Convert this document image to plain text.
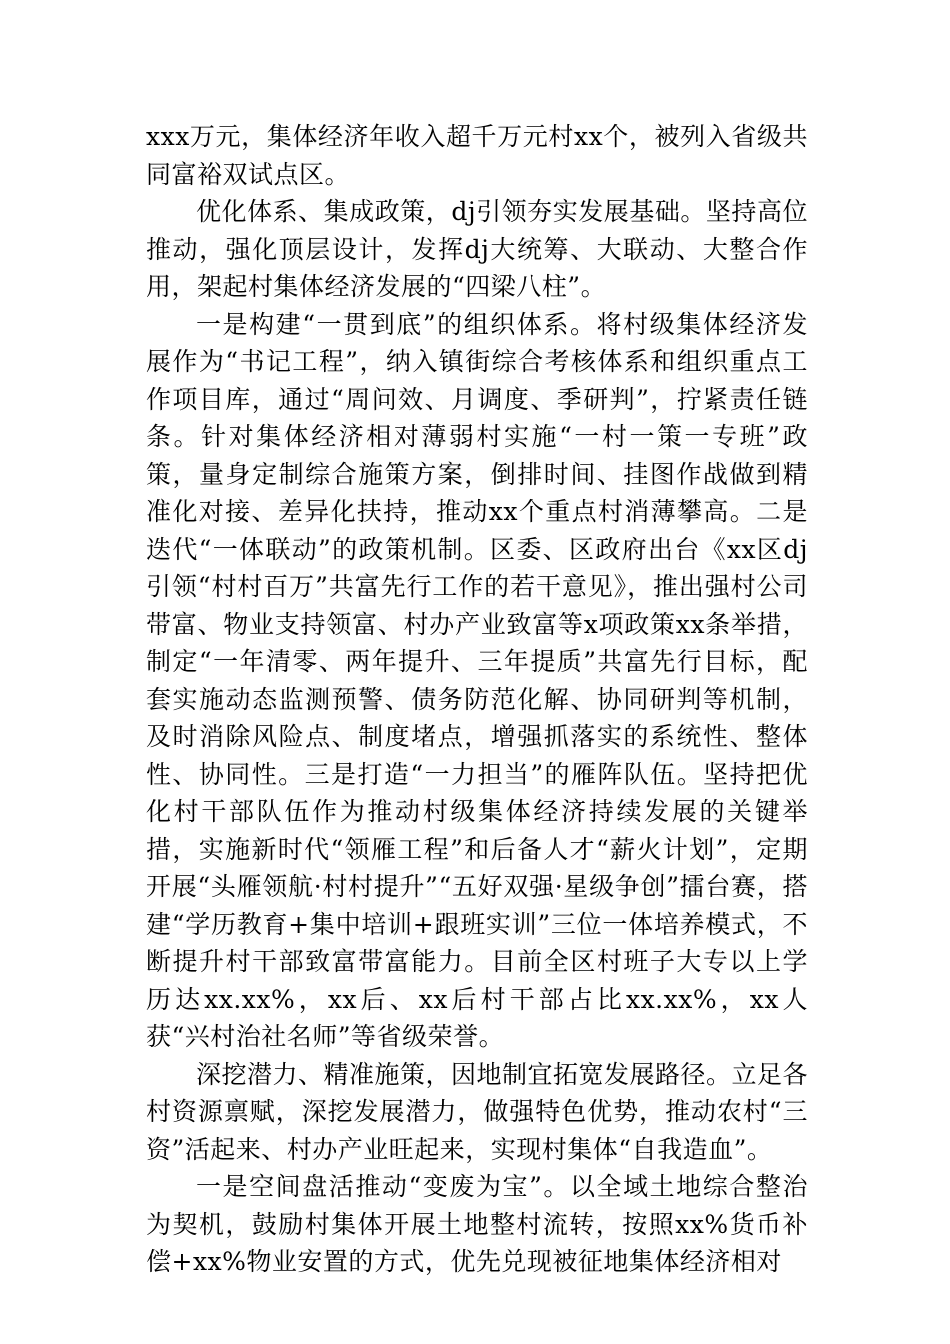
xxx万元，集体经济年收入超千万元村xx个，被列入省级共同富裕双试点区。

优化体系、集成政策，dj引领夯实发展基础。坚持高位推动，强化顶层设计，发挥dj大统筹、大联动、大整合作用，架起村集体经济发展的“四梁八柱”。

一是构建“一贯到底”的组织体系。将村级集体经济发展作为“书记工程”，纳入镇街综合考核体系和组织重点工作项目库，通过“周问效、月调度、季研判”，拧紧责任链条。针对集体经济相对薄弱村实施“一村一策一专班”政策，量身定制综合施策方案，倒排时间、挂图作战做到精准化对接、差异化扶持，推动xx个重点村消薄攀高。二是迭代“一体联动”的政策机制。区委、区政府出台《xx区dj引领“村村百万”共富先行工作的若干意见》，推出强村公司带富、物业支持领富、村办产业致富等x项政策xx条举措，制定“一年清零、两年提升、三年提质”共富先行目标，配套实施动态监测预警、债务防范化解、协同研判等机制，及时消除风险点、制度堵点，增强抓落实的系统性、整体性、协同性。三是打造“一力担当”的雁阵队伍。坚持把优化村干部队伍作为推动村级集体经济持续发展的关键举措，实施新时代“领雁工程”和后备人才“薪火计划”，定期开展“头雁领航·村村提升”“五好双强·星级争创”擂台赛，搭建“学历教育+集中培训+跟班实训”三位一体培养模式，不断提升村干部致富带富能力。目前全区村班子大专以上学历达xx.xx%，xx后、xx后村干部占比xx.xx%，xx人获“兴村治社名师”等省级荣誉。

深挖潜力、精准施策，因地制宜拓宽发展路径。立足各村资源禀赋，深挖发展潜力，做强特色优势，推动农村“三资”活起来、村办产业旺起来，实现村集体“自我造血”。

一是空间盘活推动“变废为宝”。以全域土地综合整治为契机，鼓励村集体开展土地整村流转，按照xx%货币补偿+xx%物业安置的方式，优先兑现被征地集体经济相对
